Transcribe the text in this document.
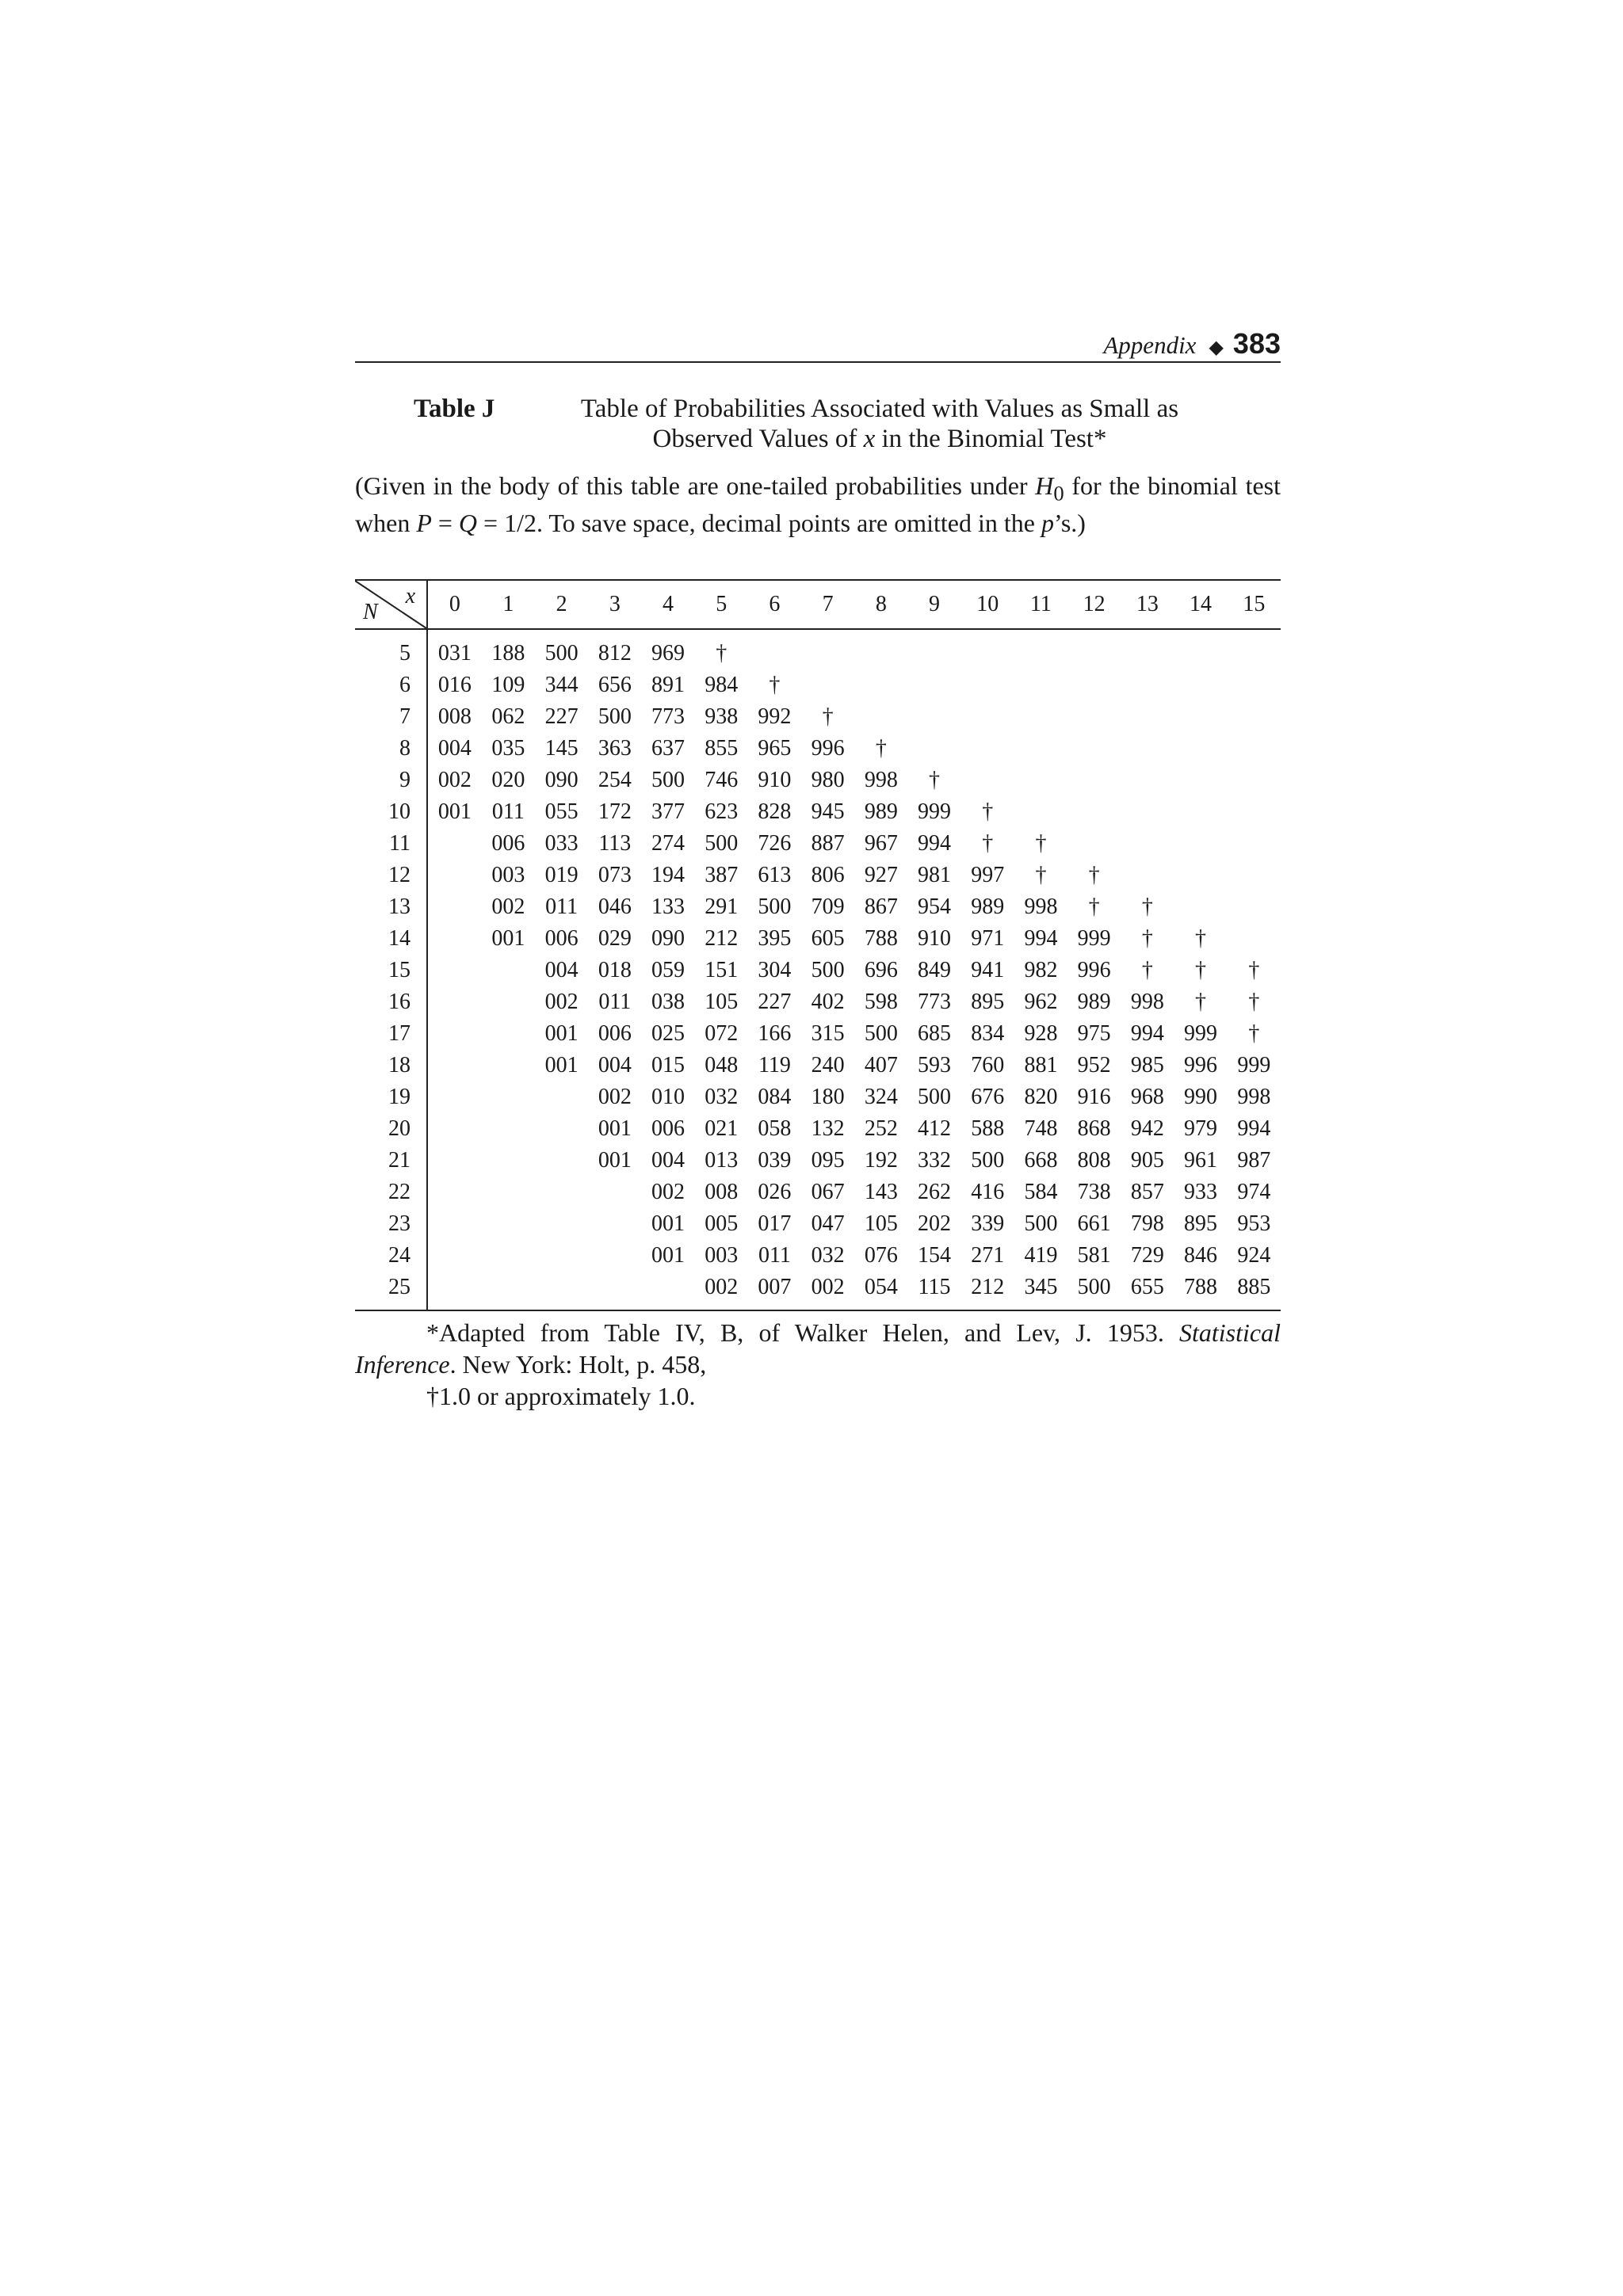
Appendix ◆ 383
Table J	Table of Probabilities Associated with Values as Small as
Observed Values of x in the Binomial Test*
(Given in the body of this table are one-tailed probabilities under $H_0$ for the binomial test when P = Q = 1/2. To save space, decimal points are omitted in the p’s.)
x
N	0	1	2	3	4	5	6	7	8	9	10	11	12	13	14	15
5	031	188	500	812	969	†										
6	016	109	344	656	891	984	†									
7	008	062	227	500	773	938	992	†								
8	004	035	145	363	637	855	965	996	†							
9	002	020	090	254	500	746	910	980	998	†						
10	001	011	055	172	377	623	828	945	989	999	†					
11		006	033	113	274	500	726	887	967	994	†	†				
12		003	019	073	194	387	613	806	927	981	997	†	†			
13		002	011	046	133	291	500	709	867	954	989	998	†	†		
14		001	006	029	090	212	395	605	788	910	971	994	999	†	†	
15			004	018	059	151	304	500	696	849	941	982	996	†	†	†
16			002	011	038	105	227	402	598	773	895	962	989	998	†	†
17			001	006	025	072	166	315	500	685	834	928	975	994	999	†
18			001	004	015	048	119	240	407	593	760	881	952	985	996	999
19				002	010	032	084	180	324	500	676	820	916	968	990	998
20				001	006	021	058	132	252	412	588	748	868	942	979	994
21				001	004	013	039	095	192	332	500	668	808	905	961	987
22					002	008	026	067	143	262	416	584	738	857	933	974
23					001	005	017	047	105	202	339	500	661	798	895	953
24					001	003	011	032	076	154	271	419	581	729	846	924
25						002	007	002	054	115	212	345	500	655	788	885

*Adapted from Table IV, B, of Walker Helen, and Lev, J. 1953. Statistical Inference. New York: Holt, p. 458,

†1.0 or approximately 1.0.
